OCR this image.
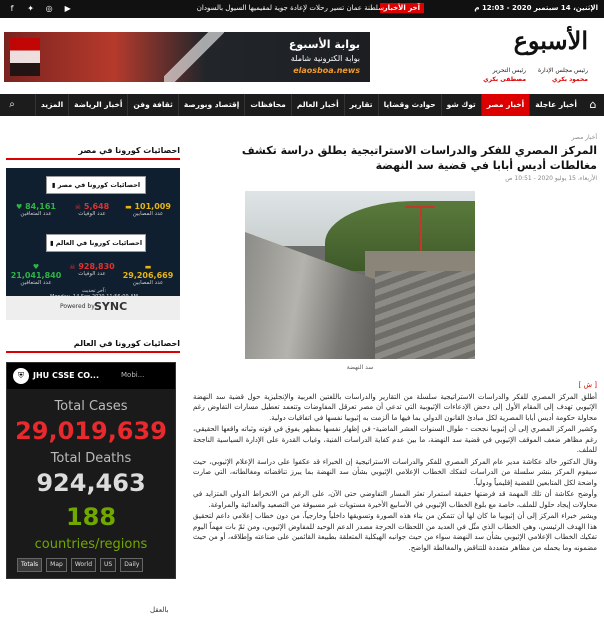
الإثنين، 14 سبتمبر 2020 - 12:03 م
آخر الأخبار
سلطنة عمان تسير رحلات لإعادة جوية لمقيميها السيول بالسودان
f ✦ ◎ ▶
الأسبوع
رئيس مجلس الإدارة
محمود بكري
رئيس التحرير
مصطفى بكري
بوابة الأسبوع
بوابة الكترونية شاملة
elaosboa.news
⌂
أخبار عاجلة
أخبار مصر
توك شو
حوادث وقضايا
تقارير
أخبار العالم
محافظات
إقتصاد وبورصة
ثقافة وفن
أخبار الرياضة
المزيد
⌕
أخبار مصر
المركز المصري للفكر والدراسات الاستراتيجية يطلق دراسة تكشف مغالطات أديس أبابا في قضية سد النهضة
الأربعاء، 15 يوليو 2020 - 10:51 ص
سد النهضة

[ ش ]

أطلق المركز المصري للفكر والدراسات الاستراتيجية سلسلة من التقارير والدراسات باللغتين العربية والإنجليزية حول قضية سد النهضة الإثيوبي تهدف إلى المقام الأول إلى دحض الإدعاءات الإثيوبية التي تدعي أن مصر تعرقل المفاوضات وتتعمد تعطيل مسارات التفاوض رغم محاولة حكومة أديس أبابا المصرية لكل مبادئ القانون الدولي بما فيها ما ألزمت به إثيوبيا نفسها في اتفاقيات دولية.

وكشير المركز المصري إلى أن إثيوبيا نجحت - طوال السنوات العشر الماضية- في إظهار نفسها بمظهر يفوق في قوته وثباته واقعها الحقيقي، رغم مظاهر ضعف الموقف الإثيوبي في قضية سد النهضة، ما بين عدم كفاية الدراسات الفنية، وغياب القدرة على الإدارة السياسية الناجحة للملف.

وقال الدكتور خالد عكاشة مدير عام المركز المصري للفكر والدراسات الاستراتيجية إن الخبراء قد عكفوا على دراسة الإعلام الإثيوبي، حيث سيقوم المركز بنشر سلسلة من الدراسات لتفكك الخطاب الإعلامي الإثيوبي بشأن سد النهضة بما يبرز تناقضاته ومغالطاته، التي صارت واضحة لكل المتابعين للقضية إقليمياً ودولياً.

وأوضح عكاشة أن تلك المهمة قد فرضتها حقيقة استمرار تعثر المسار التفاوضي حتى الآن، على الرغم من الانخراط الدولي المتزايد في محاولات إيجاد حلول للملف، خاصة مع بلوغ الخطاب الإثيوبي في الأسابيع الأخيرة مستويات غير مسبوقة من التصعيد والعدائية والمراوغة.

ويشير خبراء المركز إلى أن إثيوبيا ما كان لها أن تتمكن من بناء هذه الصورة وتسويقها داخلياً وخارجياً، من دون خطاب إعلامي داعم لتحقيق هذا الهدف الرئيسي، وهي الخطاب الذي مثّل في العديد من اللحظات الحرجة مصدر الدعم الوحيد للمفاوض الإثيوبي، ومن ثمّ بات مهماً اليوم تفكيك الخطاب الإعلامي الإثيوبي بشأن سد النهضة سواء من حيث جوانبه الهيكلية المتعلقة بطبيعة القائمين على صناعته وإطلاقه، أو من حيث مضمونه وما يحمله من مظاهر متعددة للتناقض والمغالطة الواضح.

احصائيات كورونا في مصر
احصائيات كورونا في مصر ▮
▬ 101,009
عدد المصابين
☠ 5,648
عدد الوفيات
♥ 84,161
عدد المتعافين
احصائيات كورونا في العالم ▮
▬ 29,206,669
عدد المصابين
☠ 928,830
عدد الوفيات
♥ 21,041,840
عدد المتعافين
آخر تحديث:
Powered by SYNC
احصائيات كورونا في العالم
⛨	JHU CSSE CO...	Mobi...
Total Cases
29,019,639
Total Deaths
924,463
188
countries/regions
Totals	Map	World	US	Daily
بالعقل
